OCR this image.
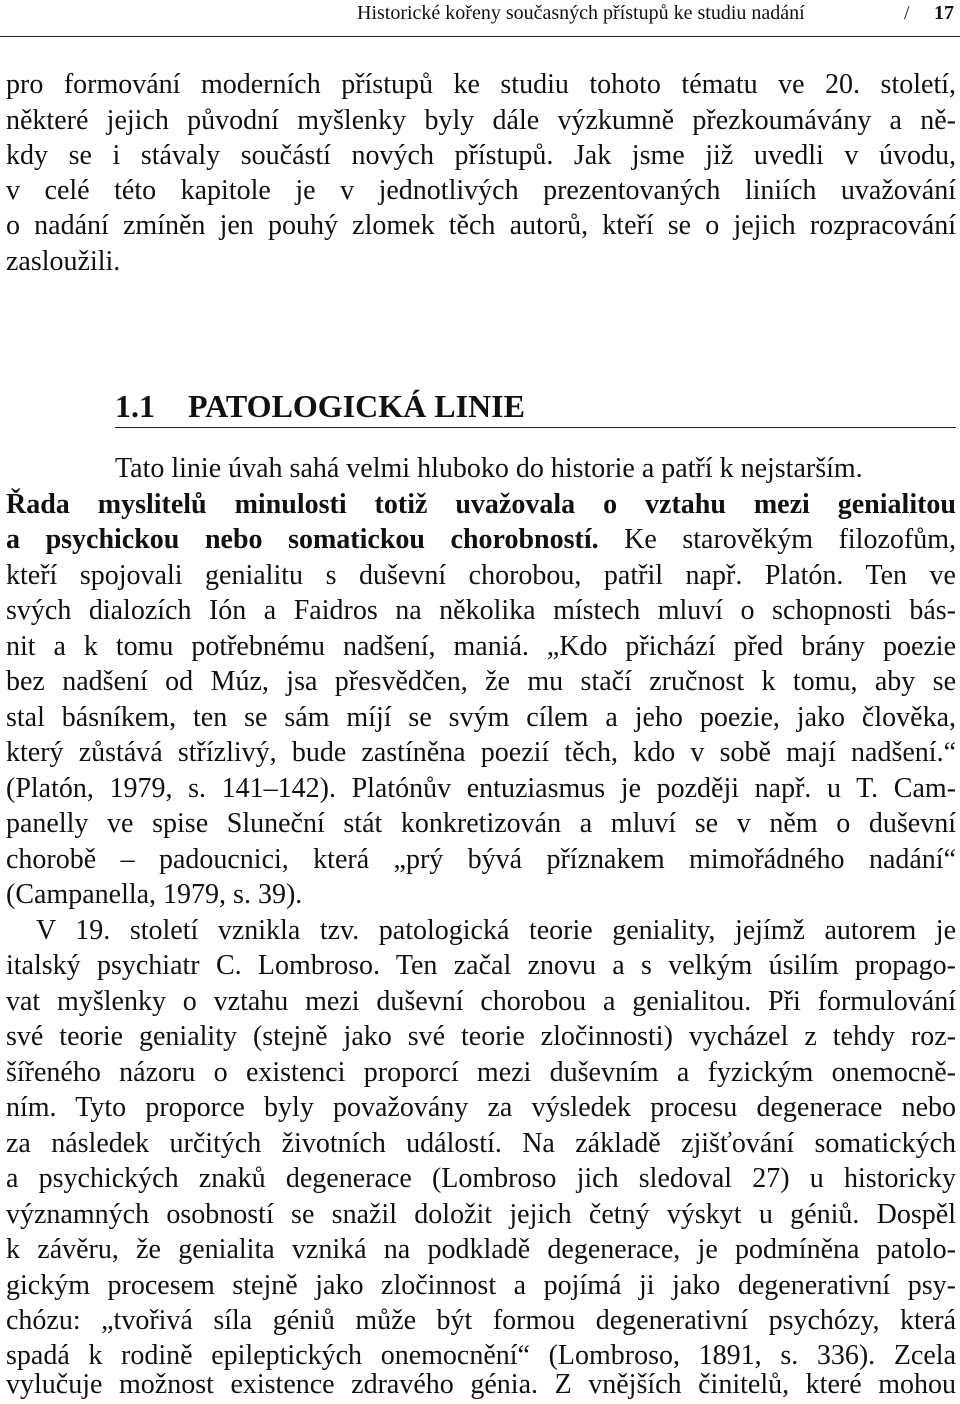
Historické kořeny současných přístupů ke studiu nadání	/ 17
pro formování moderních přístupů ke studiu tohoto tématu ve 20. století,
některé jejich původní myšlenky byly dále výzkumně přezkoumávány a ně-
kdy se i stávaly součástí nových přístupů. Jak jsme již uvedli v úvodu,
v celé této kapitole je v jednotlivých prezentovaných liniích uvažování
o nadání zmíněn jen pouhý zlomek těch autorů, kteří se o jejich rozpracování
zasloužili.
1.1 PATOLOGICKÁ LINIE
Tato linie úvah sahá velmi hluboko do historie a patří k nejstarším.
Řada myslitelů minulosti totiž uvažovala o vztahu mezi genialitou
a psychickou nebo somatickou chorobností. Ke starověkým filozofům,
kteří spojovali genialitu s duševní chorobou, patřil např. Platón. Ten ve
svých dialozích Ión a Faidros na několika místech mluví o schopnosti bás-
nit a k tomu potřebnému nadšení, maniá. „Kdo přichází před brány poezie
bez nadšení od Múz, jsa přesvědčen, že mu stačí zručnost k tomu, aby se
stal básníkem, ten se sám míjí se svým cílem a jeho poezie, jako člověka,
který zůstává střízlivý, bude zastíněna poezií těch, kdo v sobě mají nadšení.“
(Platón, 1979, s. 141–142). Platónův entuziasmus je později např. u T. Cam-
panelly ve spise Sluneční stát konkretizován a mluví se v něm o duševní
chorobě – padoucnici, která „prý bývá příznakem mimořádného nadání“
(Campanella, 1979, s. 39).
V 19. století vznikla tzv. patologická teorie geniality, jejímž autorem je
italský psychiatr C. Lombroso. Ten začal znovu a s velkým úsilím propago-
vat myšlenky o vztahu mezi duševní chorobou a genialitou. Při formulování
své teorie geniality (stejně jako své teorie zločinnosti) vycházel z tehdy roz-
šířeného názoru o existenci proporcí mezi duševním a fyzickým onemocně-
ním. Tyto proporce byly považovány za výsledek procesu degenerace nebo
za následek určitých životních událostí. Na základě zjišťování somatických
a psychických znaků degenerace (Lombroso jich sledoval 27) u historicky
významných osobností se snažil doložit jejich četný výskyt u géniů. Dospěl
k závěru, že genialita vzniká na podkladě degenerace, je podmíněna patolo-
gickým procesem stejně jako zločinnost a pojímá ji jako degenerativní psy-
chózu: „tvořivá síla géniů může být formou degenerativní psychózy, která
spadá k rodině epileptických onemocnění“ (Lombroso, 1891, s. 336). Zcela
vylučuje možnost existence zdravého génia. Z vnějších činitelů, které mohou
